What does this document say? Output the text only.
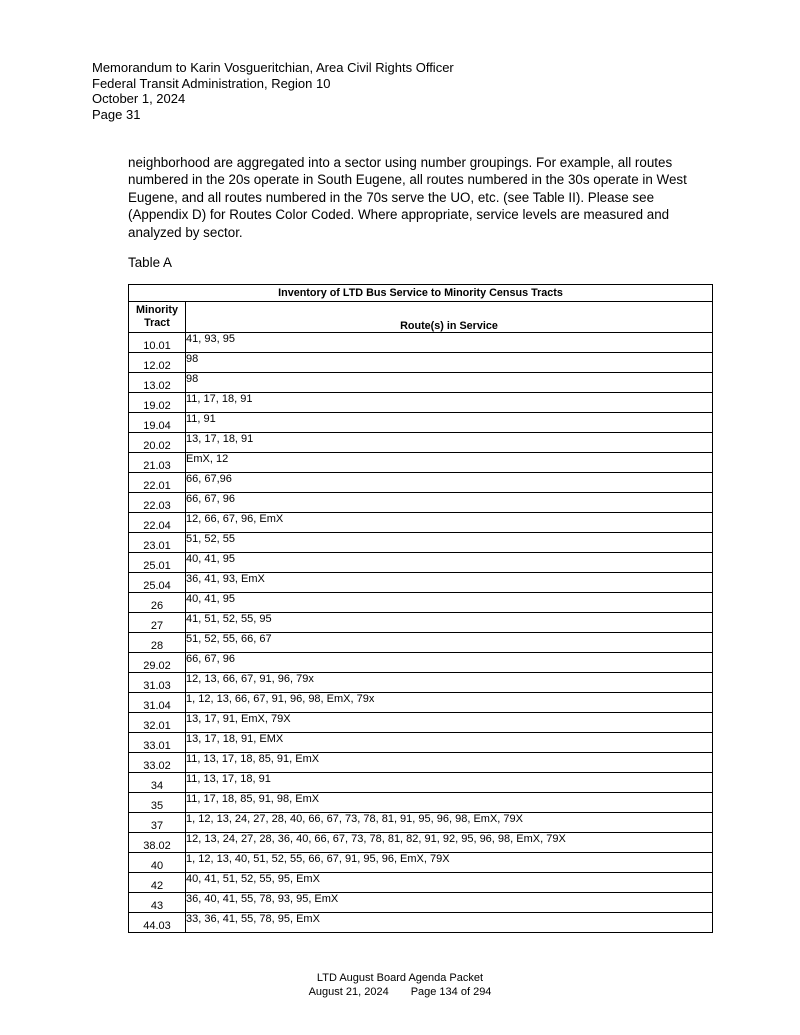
Memorandum to Karin Vosgueritchian, Area Civil Rights Officer
Federal Transit Administration, Region 10
October 1, 2024
Page 31
neighborhood are aggregated into a sector using number groupings. For example, all routes numbered in the 20s operate in South Eugene, all routes numbered in the 30s operate in West Eugene, and all routes numbered in the 70s serve the UO, etc. (see Table II). Please see (Appendix D) for Routes Color Coded. Where appropriate, service levels are measured and analyzed by sector.
Table A
Inventory of LTD Bus Service to Minority Census Tracts	

Minority
Tract	Route(s) in Service
10.01	41, 93, 95
12.02	98
13.02	98
19.02	11, 17, 18, 91
19.04	11, 91
20.02	13, 17, 18, 91
21.03	EmX, 12
22.01	66, 67,96
22.03	66, 67, 96
22.04	12, 66, 67, 96, EmX
23.01	51, 52, 55
25.01	40, 41, 95
25.04	36, 41, 93, EmX
26	40, 41, 95
27	41, 51, 52, 55, 95
28	51, 52, 55, 66, 67
29.02	66, 67, 96
31.03	12, 13, 66, 67, 91, 96, 79x
31.04	1, 12, 13, 66, 67, 91, 96, 98, EmX, 79x
32.01	13, 17, 91, EmX, 79X
33.01	13, 17, 18, 91, EMX
33.02	11, 13, 17, 18, 85, 91, EmX
34	11, 13, 17, 18, 91
35	11, 17, 18, 85, 91, 98, EmX
37	1, 12, 13, 24, 27, 28, 40, 66, 67, 73, 78, 81, 91, 95, 96, 98, EmX, 79X
38.02	12, 13, 24, 27, 28, 36, 40, 66, 67, 73, 78, 81, 82, 91, 92, 95, 96, 98, EmX, 79X
40	1, 12, 13, 40, 51, 52, 55, 66, 67, 91, 95, 96, EmX, 79X
42	40, 41, 51, 52, 55, 95, EmX
43	36, 40, 41, 55, 78, 93, 95, EmX
44.03	33, 36, 41, 55, 78, 95, EmX
LTD August Board Agenda Packet
August 21, 2024 Page 134 of 294
